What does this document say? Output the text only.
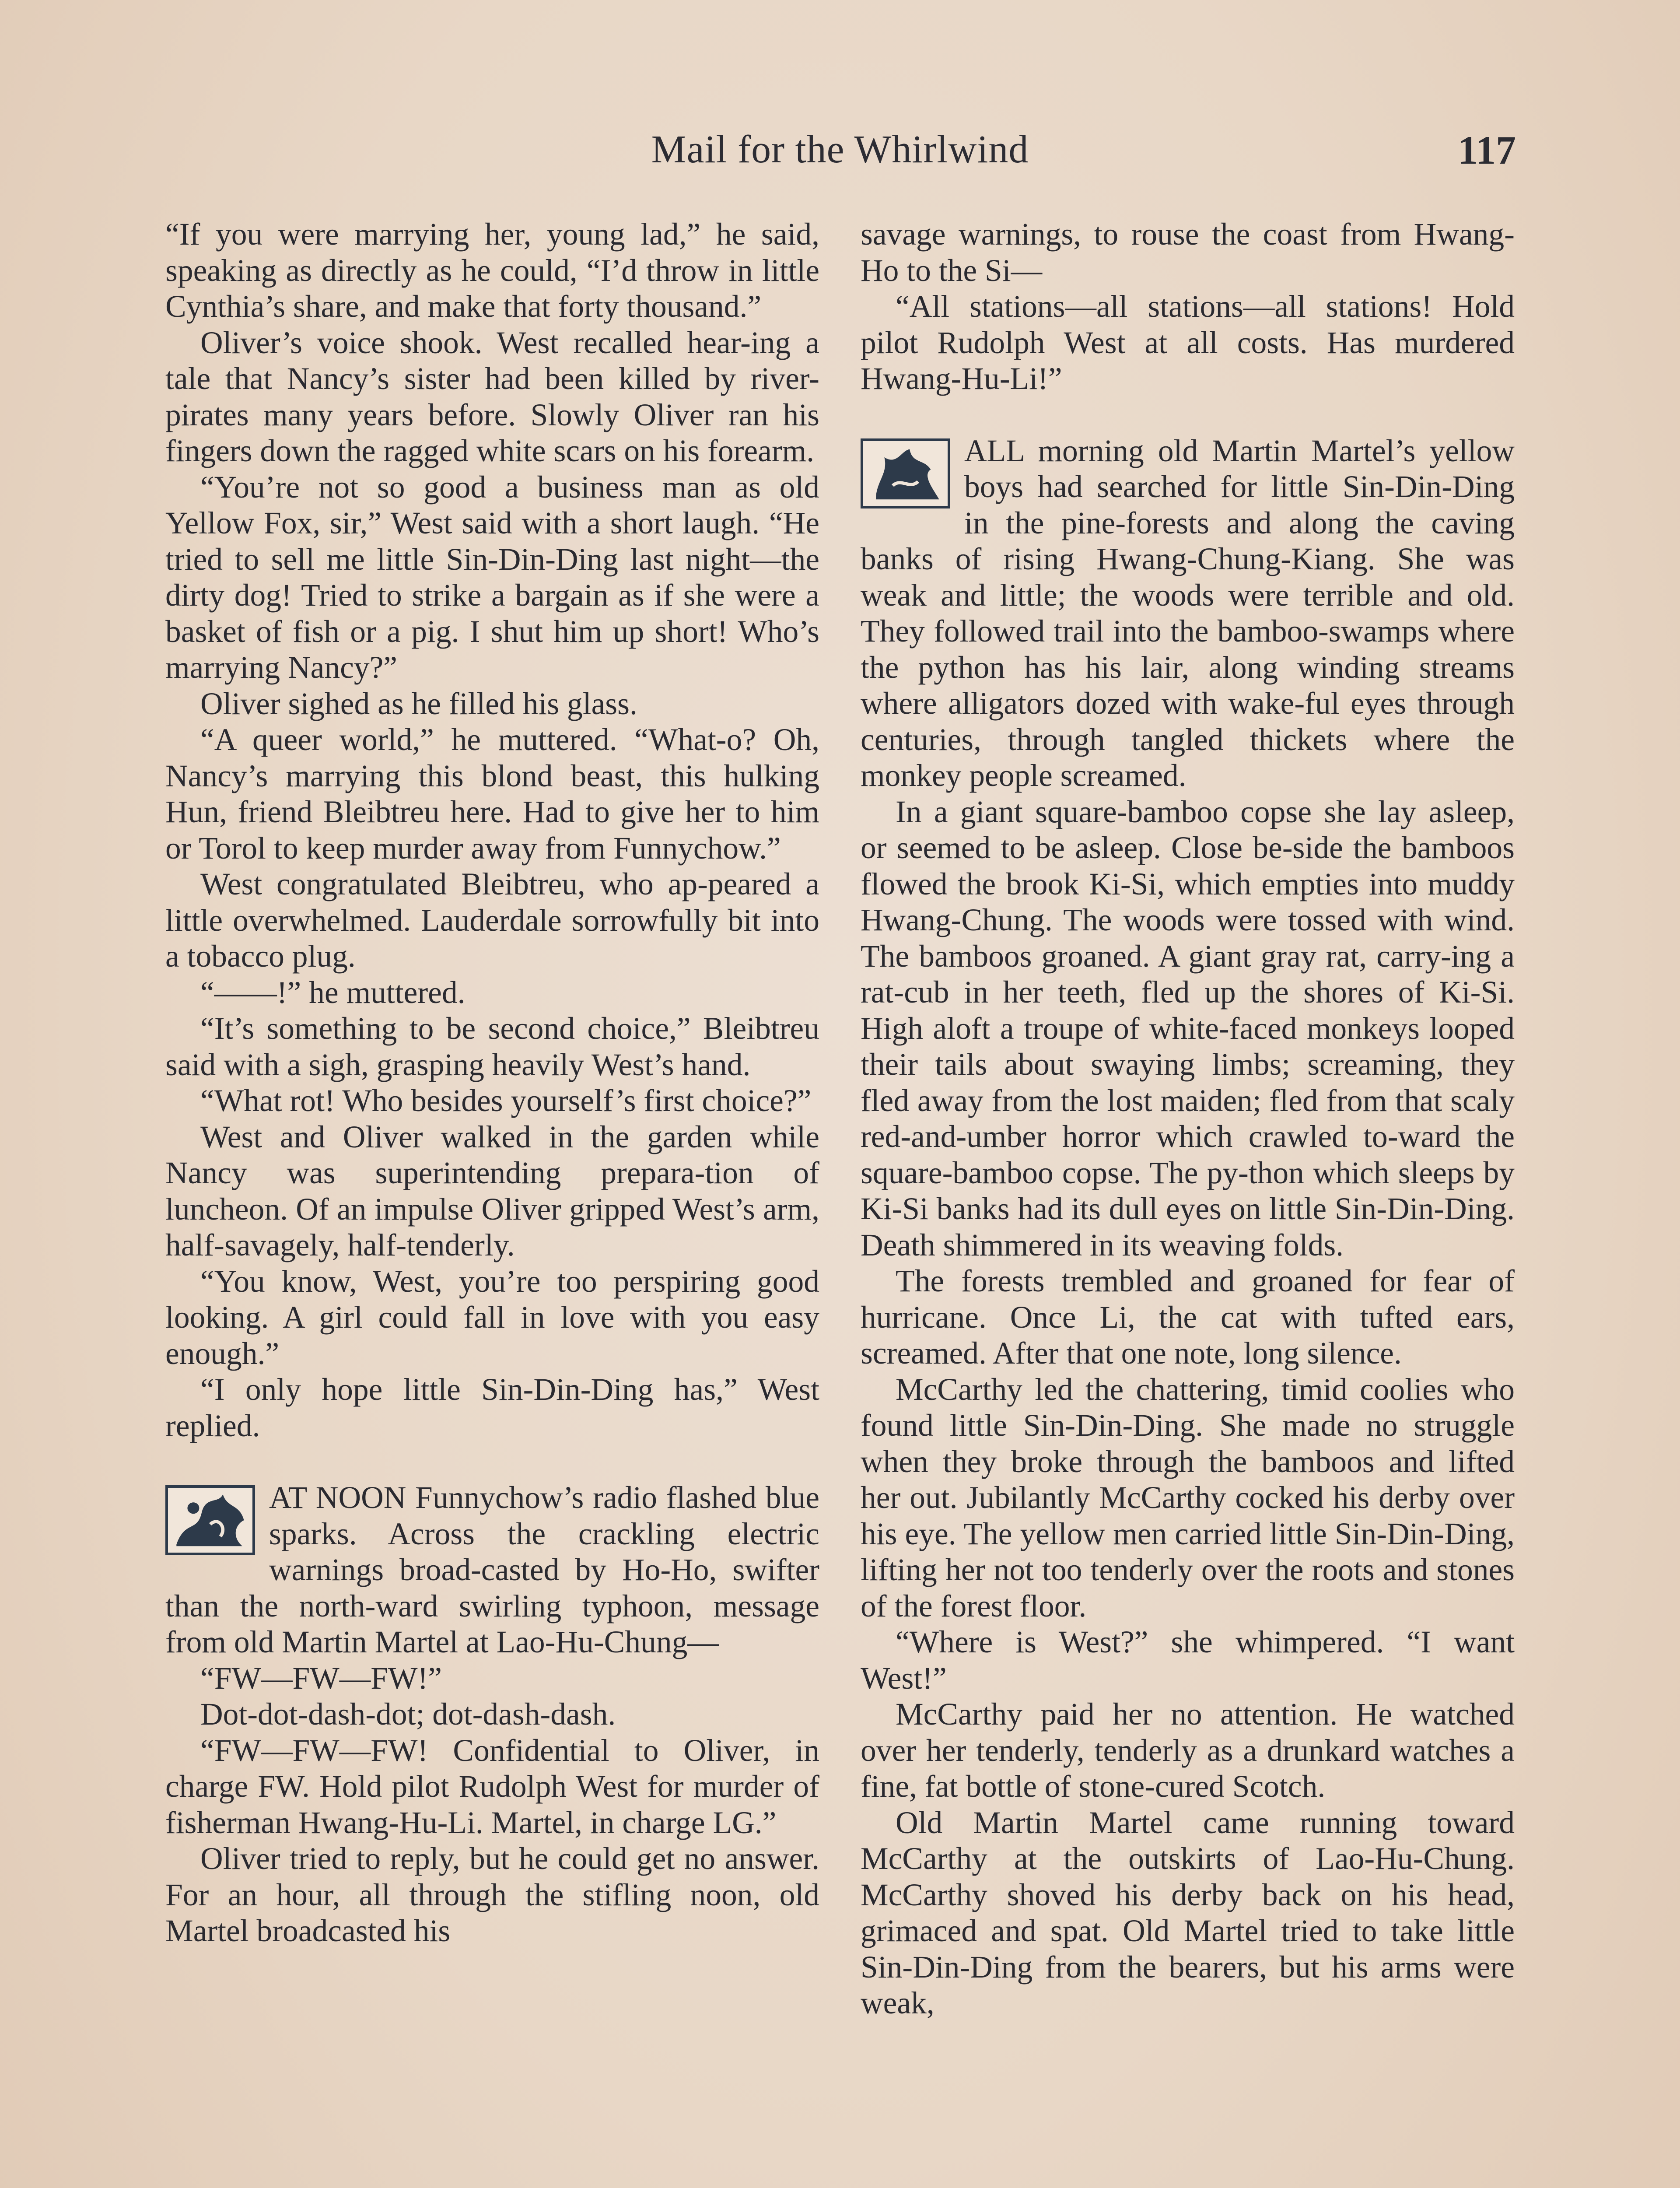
Mail for the Whirlwind	117

“If you were marrying her, young lad,” he said, speaking as directly as he could, “I’d throw in little Cynthia’s share, and make that forty thousand.”

Oliver’s voice shook. West recalled hear-ing a tale that Nancy’s sister had been killed by river-pirates many years before. Slowly Oliver ran his fingers down the ragged white scars on his forearm.

“You’re not so good a business man as old Yellow Fox, sir,” West said with a short laugh. “He tried to sell me little Sin-Din-Ding last night—the dirty dog! Tried to strike a bargain as if she were a basket of fish or a pig. I shut him up short! Who’s marrying Nancy?”

Oliver sighed as he filled his glass.

“A queer world,” he muttered. “What-o? Oh, Nancy’s marrying this blond beast, this hulking Hun, friend Bleibtreu here. Had to give her to him or Torol to keep murder away from Funnychow.”

West congratulated Bleibtreu, who ap-peared a little overwhelmed. Lauderdale sorrowfully bit into a tobacco plug.

“——!” he muttered.

“It’s something to be second choice,” Bleibtreu said with a sigh, grasping heavily West’s hand.

“What rot! Who besides yourself’s first choice?”

West and Oliver walked in the garden while Nancy was superintending prepara-tion of luncheon. Of an impulse Oliver gripped West’s arm, half-savagely, half-tenderly.

“You know, West, you’re too perspiring good looking. A girl could fall in love with you easy enough.”

“I only hope little Sin-Din-Ding has,” West replied.

AT NOON Funnychow’s radio flashed blue sparks. Across the crackling electric warnings broad-casted by Ho-Ho, swifter than the north-ward swirling typhoon, message from old Martin Martel at Lao-Hu-Chung—

“FW—FW—FW!”

Dot-dot-dash-dot; dot-dash-dash.

“FW—FW—FW! Confidential to Oliver, in charge FW. Hold pilot Rudolph West for murder of fisherman Hwang-Hu-Li. Martel, in charge LG.”

Oliver tried to reply, but he could get no answer. For an hour, all through the stifling noon, old Martel broadcasted his

savage warnings, to rouse the coast from Hwang-Ho to the Si—

“All stations—all stations—all stations! Hold pilot Rudolph West at all costs. Has murdered Hwang-Hu-Li!”

ALL morning old Martin Martel’s yellow boys had searched for little Sin-Din-Ding in the pine-forests and along the caving banks of rising Hwang-Chung-Kiang. She was weak and little; the woods were terrible and old. They followed trail into the bamboo-swamps where the python has his lair, along winding streams where alligators dozed with wake-ful eyes through centuries, through tangled thickets where the monkey people screamed.

In a giant square-bamboo copse she lay asleep, or seemed to be asleep. Close be-side the bamboos flowed the brook Ki-Si, which empties into muddy Hwang-Chung. The woods were tossed with wind. The bamboos groaned. A giant gray rat, carry-ing a rat-cub in her teeth, fled up the shores of Ki-Si. High aloft a troupe of white-faced monkeys looped their tails about swaying limbs; screaming, they fled away from the lost maiden; fled from that scaly red-and-umber horror which crawled to-ward the square-bamboo copse. The py-thon which sleeps by Ki-Si banks had its dull eyes on little Sin-Din-Ding. Death shimmered in its weaving folds.

The forests trembled and groaned for fear of hurricane. Once Li, the cat with tufted ears, screamed. After that one note, long silence.

McCarthy led the chattering, timid coolies who found little Sin-Din-Ding. She made no struggle when they broke through the bamboos and lifted her out. Jubilantly McCarthy cocked his derby over his eye. The yellow men carried little Sin-Din-Ding, lifting her not too tenderly over the roots and stones of the forest floor.

“Where is West?” she whimpered. “I want West!”

McCarthy paid her no attention. He watched over her tenderly, tenderly as a drunkard watches a fine, fat bottle of stone-cured Scotch.

Old Martin Martel came running toward McCarthy at the outskirts of Lao-Hu-Chung. McCarthy shoved his derby back on his head, grimaced and spat. Old Martel tried to take little Sin-Din-Ding from the bearers, but his arms were weak,
